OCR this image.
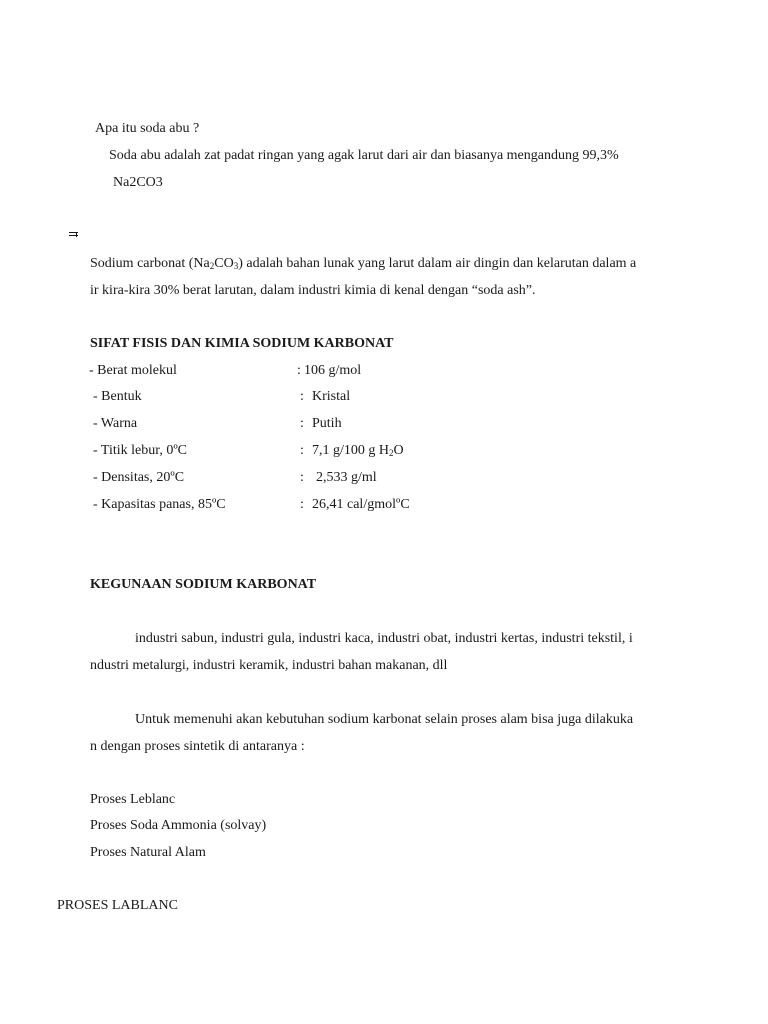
Apa itu soda abu ?
Soda abu adalah zat padat ringan yang agak larut dari air dan biasanya mengandung 99,3%
Na2CO3
Sodium carbonat $(Na_2CO_3)$ adalah bahan lunak yang larut dalam air dingin dan kelarutan dalam a
ir kira-kira 30% berat larutan, dalam industri kimia di kenal dengan “soda ash”.
SIFAT FISIS DAN KIMIA SODIUM KARBONAT
- Berat molekul	: 106 g/mol
- Bentuk	: Kristal
- Warna	: Putih
- Titik lebur, 0ºC	: 7,1 g/100 g $H_2O$
- Densitas, 20ºC	: 2,533 g/ml
- Kapasitas panas, 85ºC	: 26,41 cal/gmolºC
KEGUNAAN SODIUM KARBONAT
industri sabun, industri gula, industri kaca, industri obat, industri kertas, industri tekstil, i
ndustri metalurgi, industri keramik, industri bahan makanan, dll
Untuk memenuhi akan kebutuhan sodium karbonat selain proses alam bisa juga dilakuka
n dengan proses sintetik di antaranya :
Proses Leblanc
Proses Soda Ammonia (solvay)
Proses Natural Alam
PROSES LABLANC
